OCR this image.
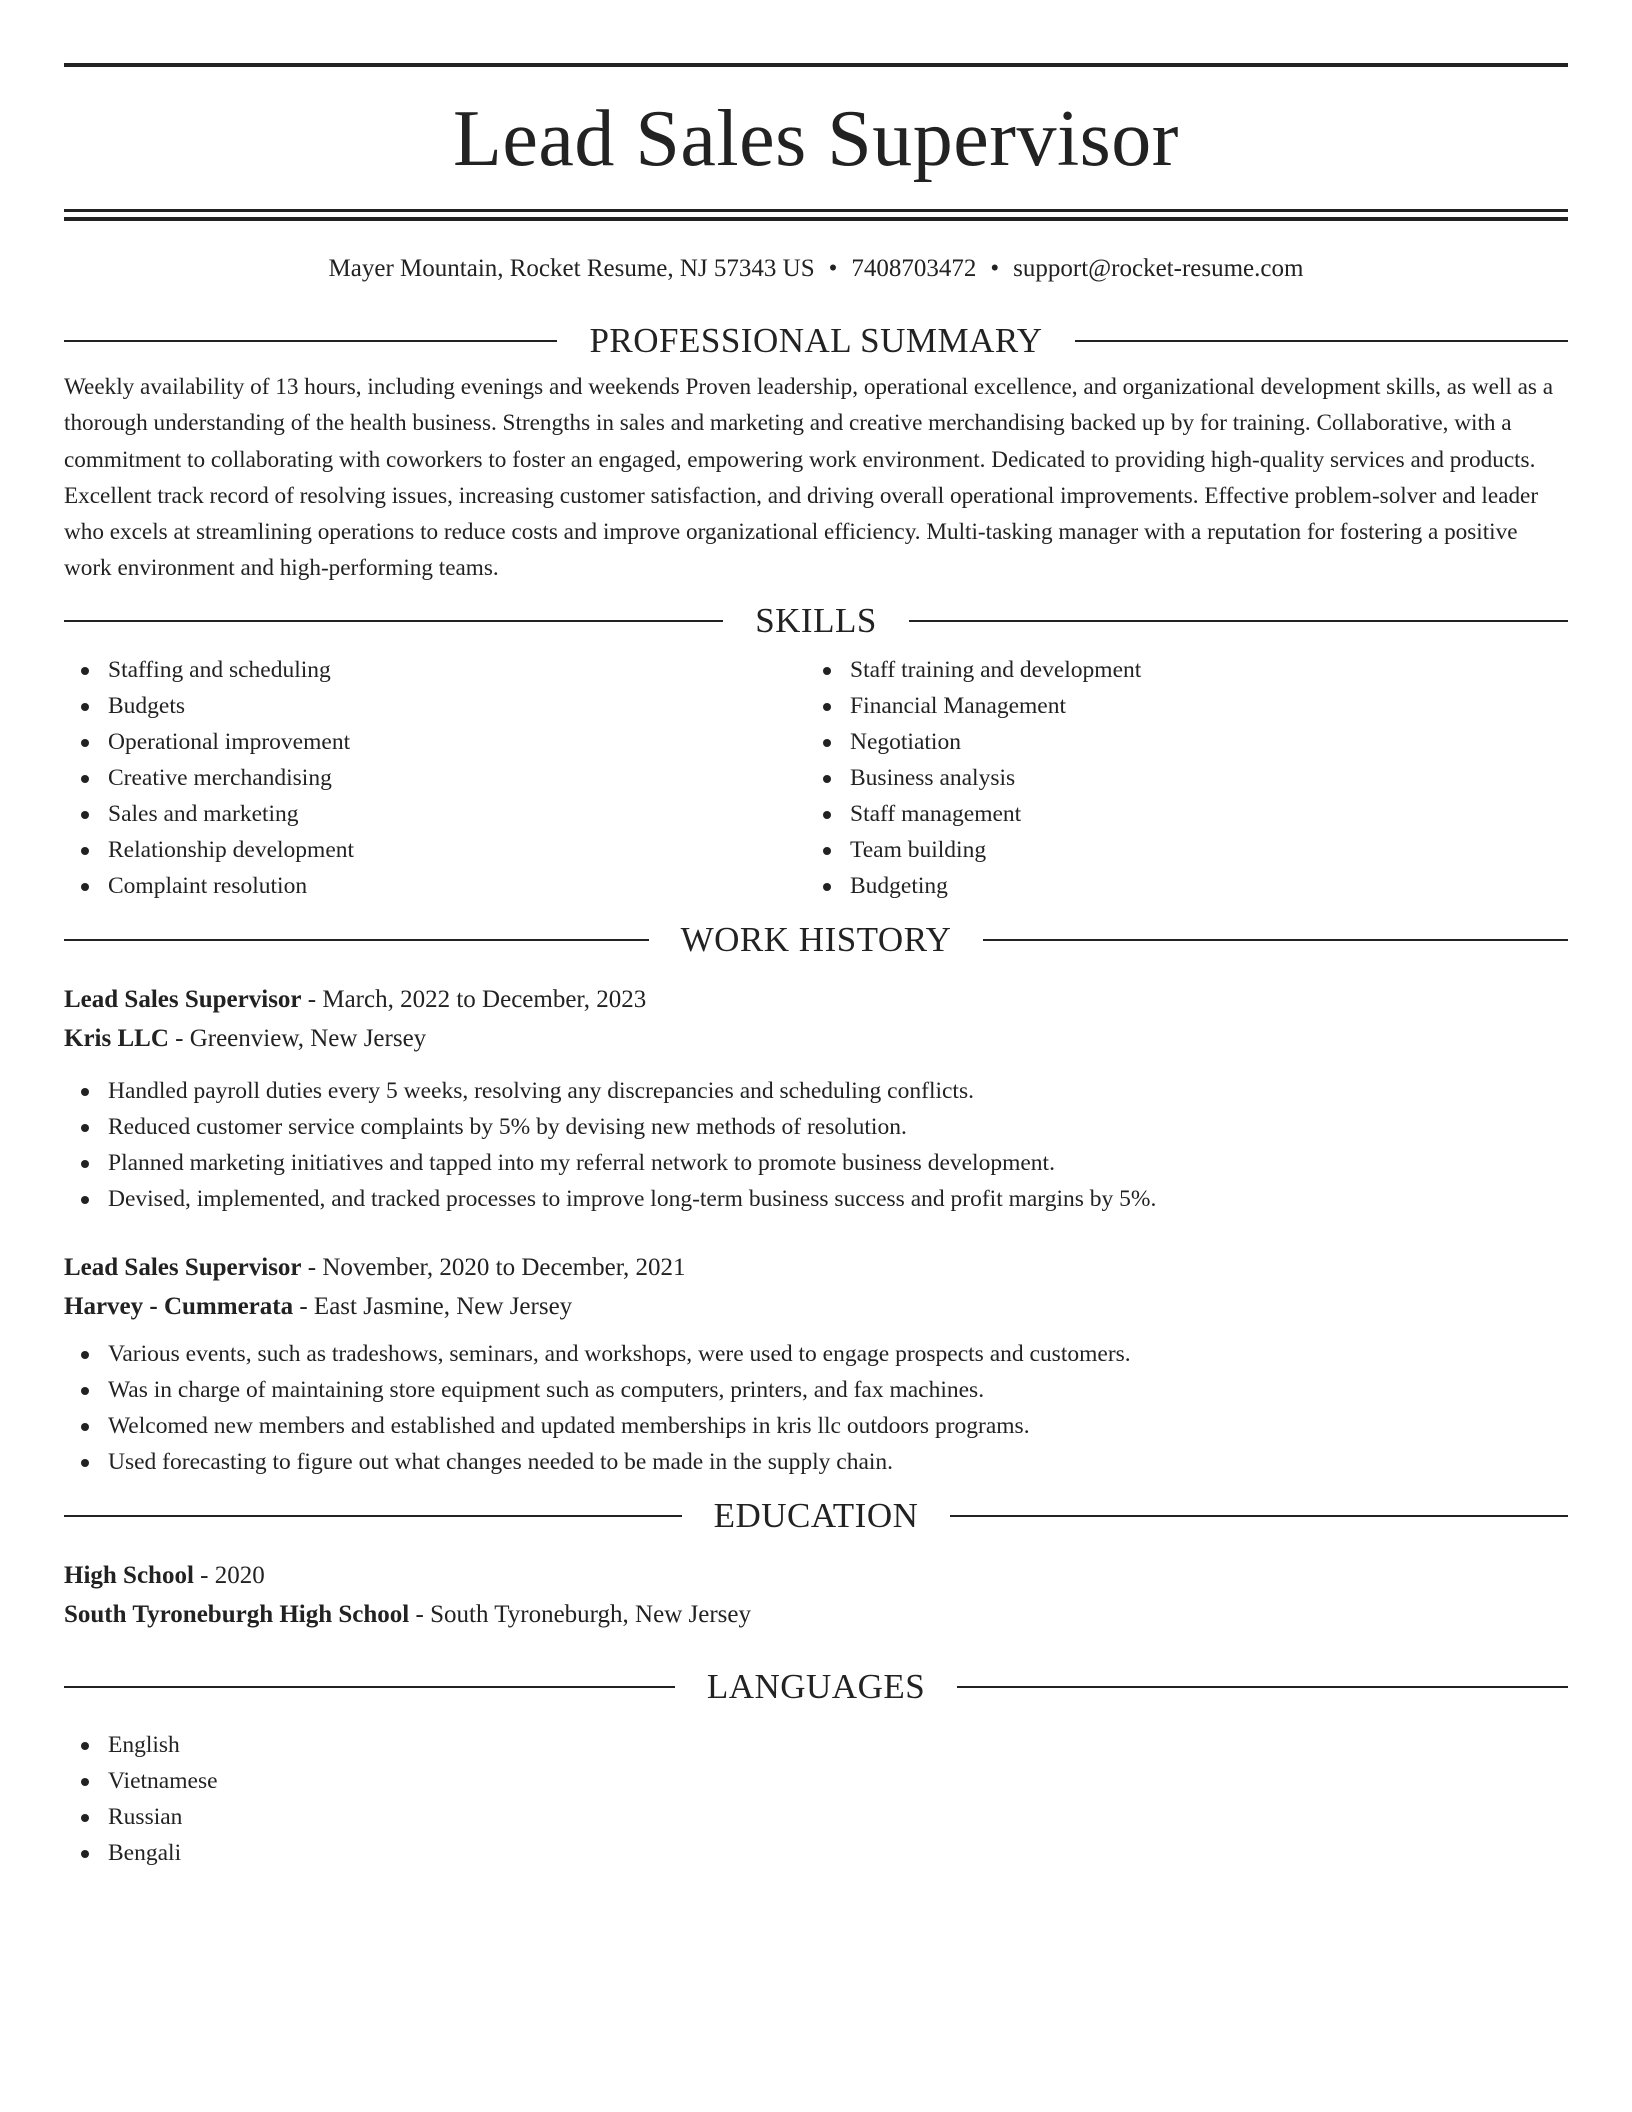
Lead Sales Supervisor
Mayer Mountain, Rocket Resume, NJ 57343 US • 7408703472 • support@rocket-resume.com
PROFESSIONAL SUMMARY

Weekly availability of 13 hours, including evenings and weekends Proven leadership, operational excellence, and organizational development skills, as well as a thorough understanding of the health business. Strengths in sales and marketing and creative merchandising backed up by for training. Collaborative, with a commitment to collaborating with coworkers to foster an engaged, empowering work environment. Dedicated to providing high-quality services and products. Excellent track record of resolving issues, increasing customer satisfaction, and driving overall operational improvements. Effective problem-solver and leader who excels at streamlining operations to reduce costs and improve organizational efficiency. Multi-tasking manager with a reputation for fostering a positive work environment and high-performing teams.

SKILLS
Staffing and scheduling
Budgets
Operational improvement
Creative merchandising
Sales and marketing
Relationship development
Complaint resolution
Staff training and development
Financial Management
Negotiation
Business analysis
Staff management
Team building
Budgeting
WORK HISTORY
Lead Sales Supervisor - March, 2022 to December, 2023
Kris LLC - Greenview, New Jersey
Handled payroll duties every 5 weeks, resolving any discrepancies and scheduling conflicts.
Reduced customer service complaints by 5% by devising new methods of resolution.
Planned marketing initiatives and tapped into my referral network to promote business development.
Devised, implemented, and tracked processes to improve long-term business success and profit margins by 5%.
Lead Sales Supervisor - November, 2020 to December, 2021
Harvey - Cummerata - East Jasmine, New Jersey
Various events, such as tradeshows, seminars, and workshops, were used to engage prospects and customers.
Was in charge of maintaining store equipment such as computers, printers, and fax machines.
Welcomed new members and established and updated memberships in kris llc outdoors programs.
Used forecasting to figure out what changes needed to be made in the supply chain.
EDUCATION
High School - 2020
South Tyroneburgh High School - South Tyroneburgh, New Jersey
LANGUAGES
English
Vietnamese
Russian
Bengali
